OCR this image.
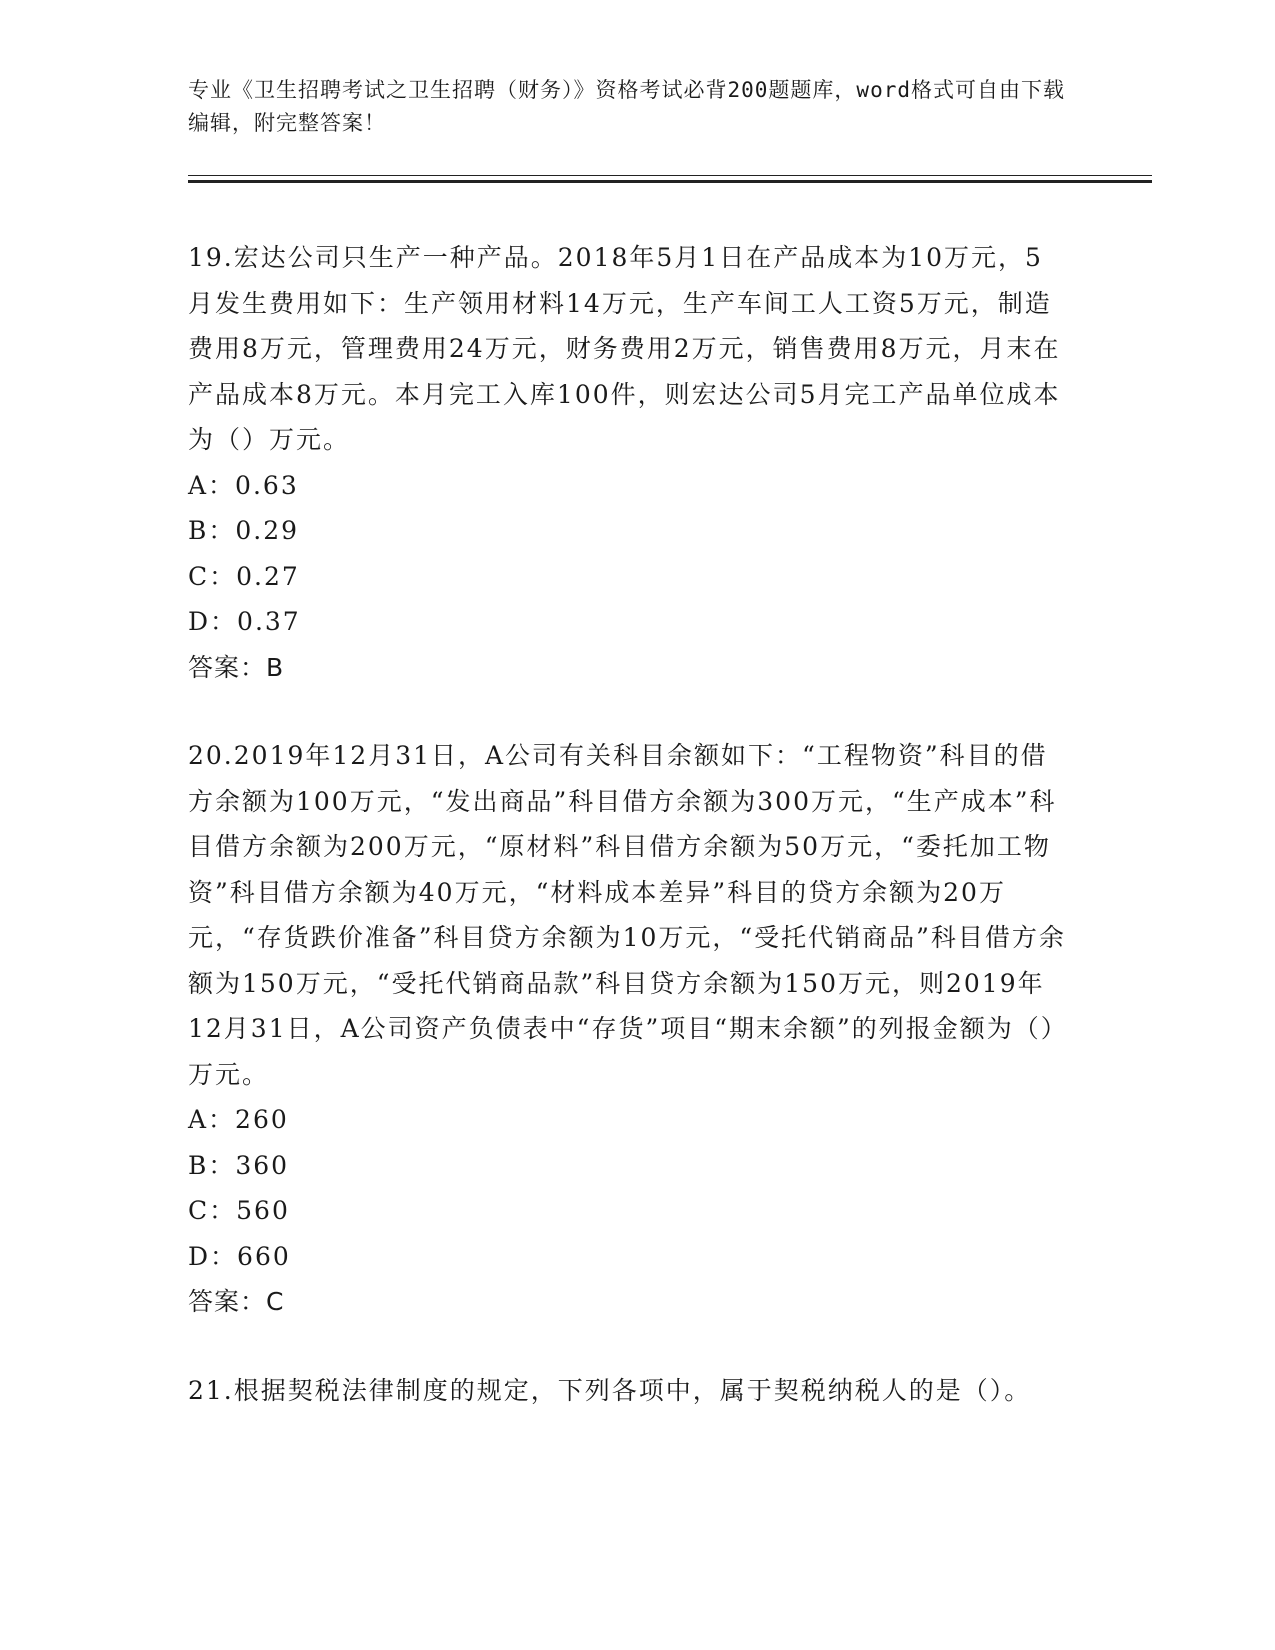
专业《卫生招聘考试之卫生招聘（财务）》资格考试必背200题题库，word格式可自由下载编辑，附完整答案！
19.宏达公司只生产一种产品。2018年5月1日在产品成本为10万元，5月发生费用如下：生产领用材料14万元，生产车间工人工资5万元，制造费用8万元，管理费用24万元，财务费用2万元，销售费用8万元，月末在产品成本8万元。本月完工入库100件，则宏达公司5月完工产品单位成本为（）万元。
A：0.63
B：0.29
C：0.27
D：0.37
答案：B
20.2019年12月31日，A公司有关科目余额如下：“工程物资”科目的借方余额为100万元，“发出商品”科目借方余额为300万元，“生产成本”科目借方余额为200万元，“原材料”科目借方余额为50万元，“委托加工物资”科目借方余额为40万元，“材料成本差异”科目的贷方余额为20万元，“存货跌价准备”科目贷方余额为10万元，“受托代销商品”科目借方余额为150万元，“受托代销商品款”科目贷方余额为150万元，则2019年12月31日，A公司资产负债表中“存货”项目“期末余额”的列报金额为（）万元。
A：260
B：360
C：560
D：660
答案：C
21.根据契税法律制度的规定，下列各项中，属于契税纳税人的是（）。
